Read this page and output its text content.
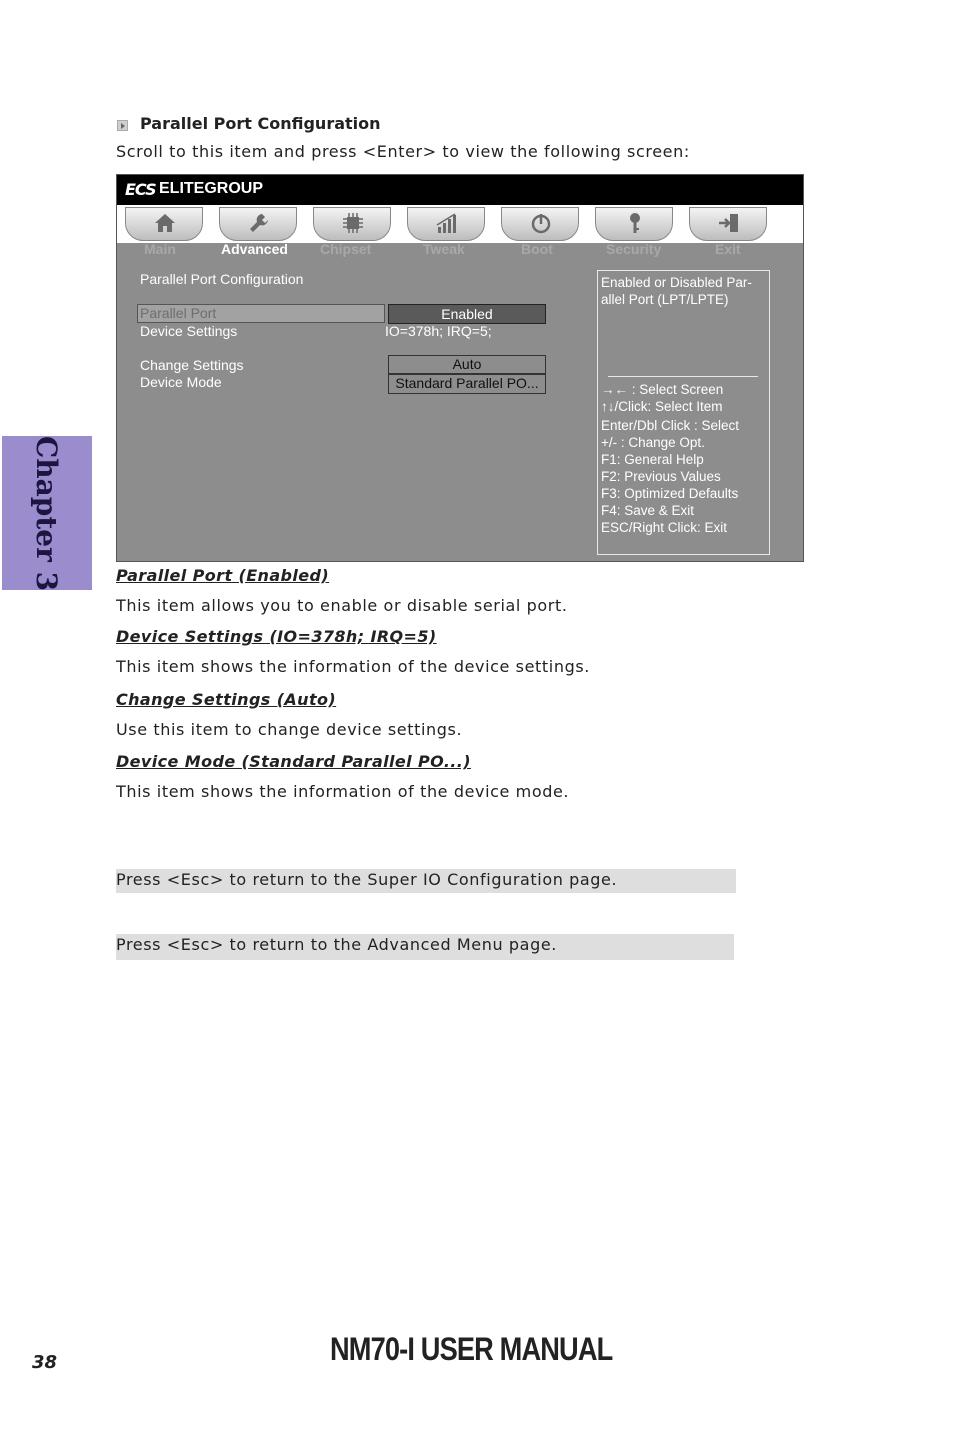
Parallel Port Configuration
Scroll to this item and press <Enter> to view the following screen:
ECS ELITEGROUP
Main	Advanced Chipset	Tweak	Boot	Security	Exit
Parallel Port Configuration
Parallel Port	Enabled
Device Settings	IO=378h; IRQ=5;
Change Settings	Auto
Device Mode	Standard Parallel PO...
Enabled or Disabled Par-
allel Port (LPT/LPTE)
→← : Select Screen
↑↓/Click: Select Item
Enter/Dbl Click : Select
+/- : Change Opt.
F1: General Help
F2: Previous Values
F3: Optimized Defaults
F4: Save & Exit
ESC/Right Click: Exit
Parallel Port (Enabled)
This item allows you to enable or disable serial port.
Device Settings (IO=378h; IRQ=5)
This item shows the information of the device settings.
Change Settings (Auto)
Use this item to change device settings.
Device Mode (Standard Parallel PO...)
This item shows the information of the device mode.
Press <Esc> to return to the Super IO Configuration page.
Press <Esc> to return to the Advanced Menu page.
Chapter 3
38	NM70-I USER MANUAL
